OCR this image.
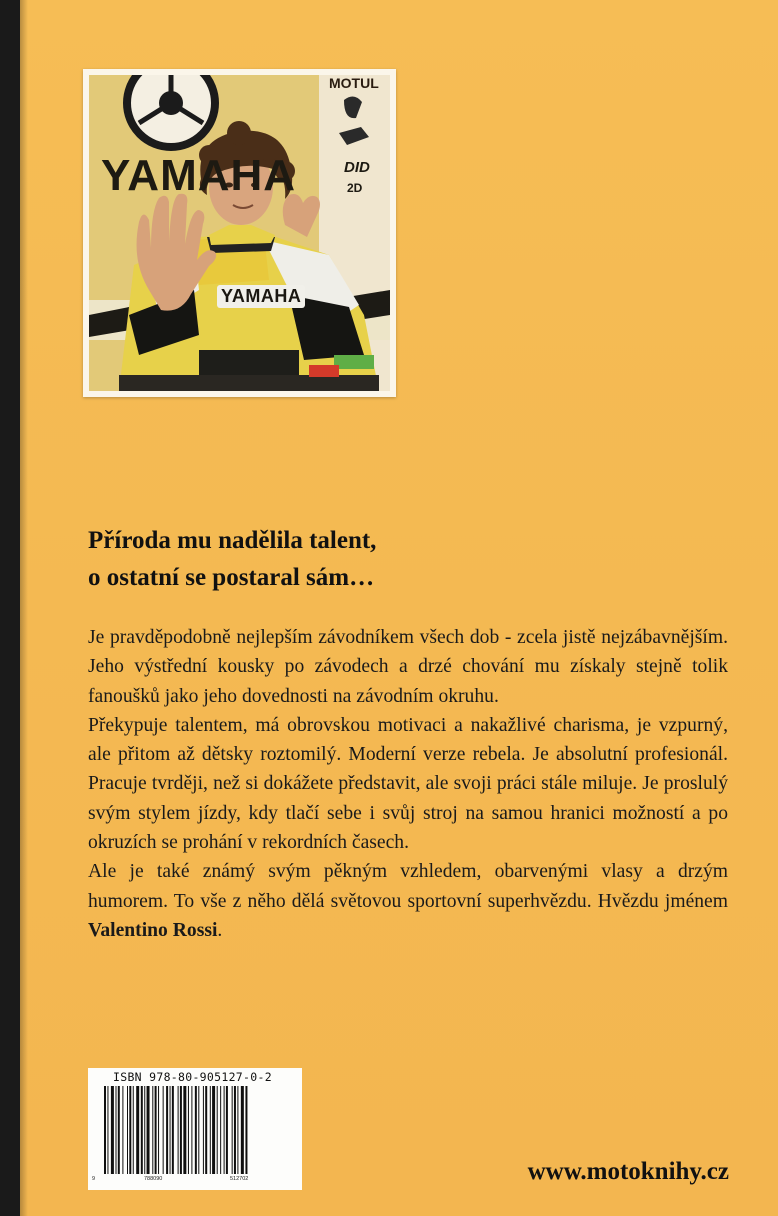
YAMAHA
MOTUL
DID
2D
YAMAHA
Příroda mu nadělila talent,
o ostatní se postaral sám…

Je pravděpodobně nejlepším závodníkem všech dob - zcela jistě nejzábavnějším. Jeho výstřední kousky po závodech a drzé chování mu získaly stejně tolik fanoušků jako jeho dovednosti na závodním okruhu.

Překypuje talentem, má obrovskou motivaci a nakažlivé charisma, je vzpurný, ale přitom až dětsky roztomilý. Moderní verze rebela. Je absolutní profesionál. Pracuje tvrději, než si dokážete představit, ale svoji práci stále miluje. Je proslulý svým stylem jízdy, kdy tlačí sebe i svůj stroj na samou hranici možností a po okruzích se prohání v rekordních časech.

Ale je také známý svým pěkným vzhledem, obarvenými vlasy a drzým humorem. To vše z něho dělá světovou sportovní superhvězdu. Hvězdu jménem Valentino Rossi.

ISBN 978-80-905127-0-2
9	788090	512702	www.motoknihy.cz
